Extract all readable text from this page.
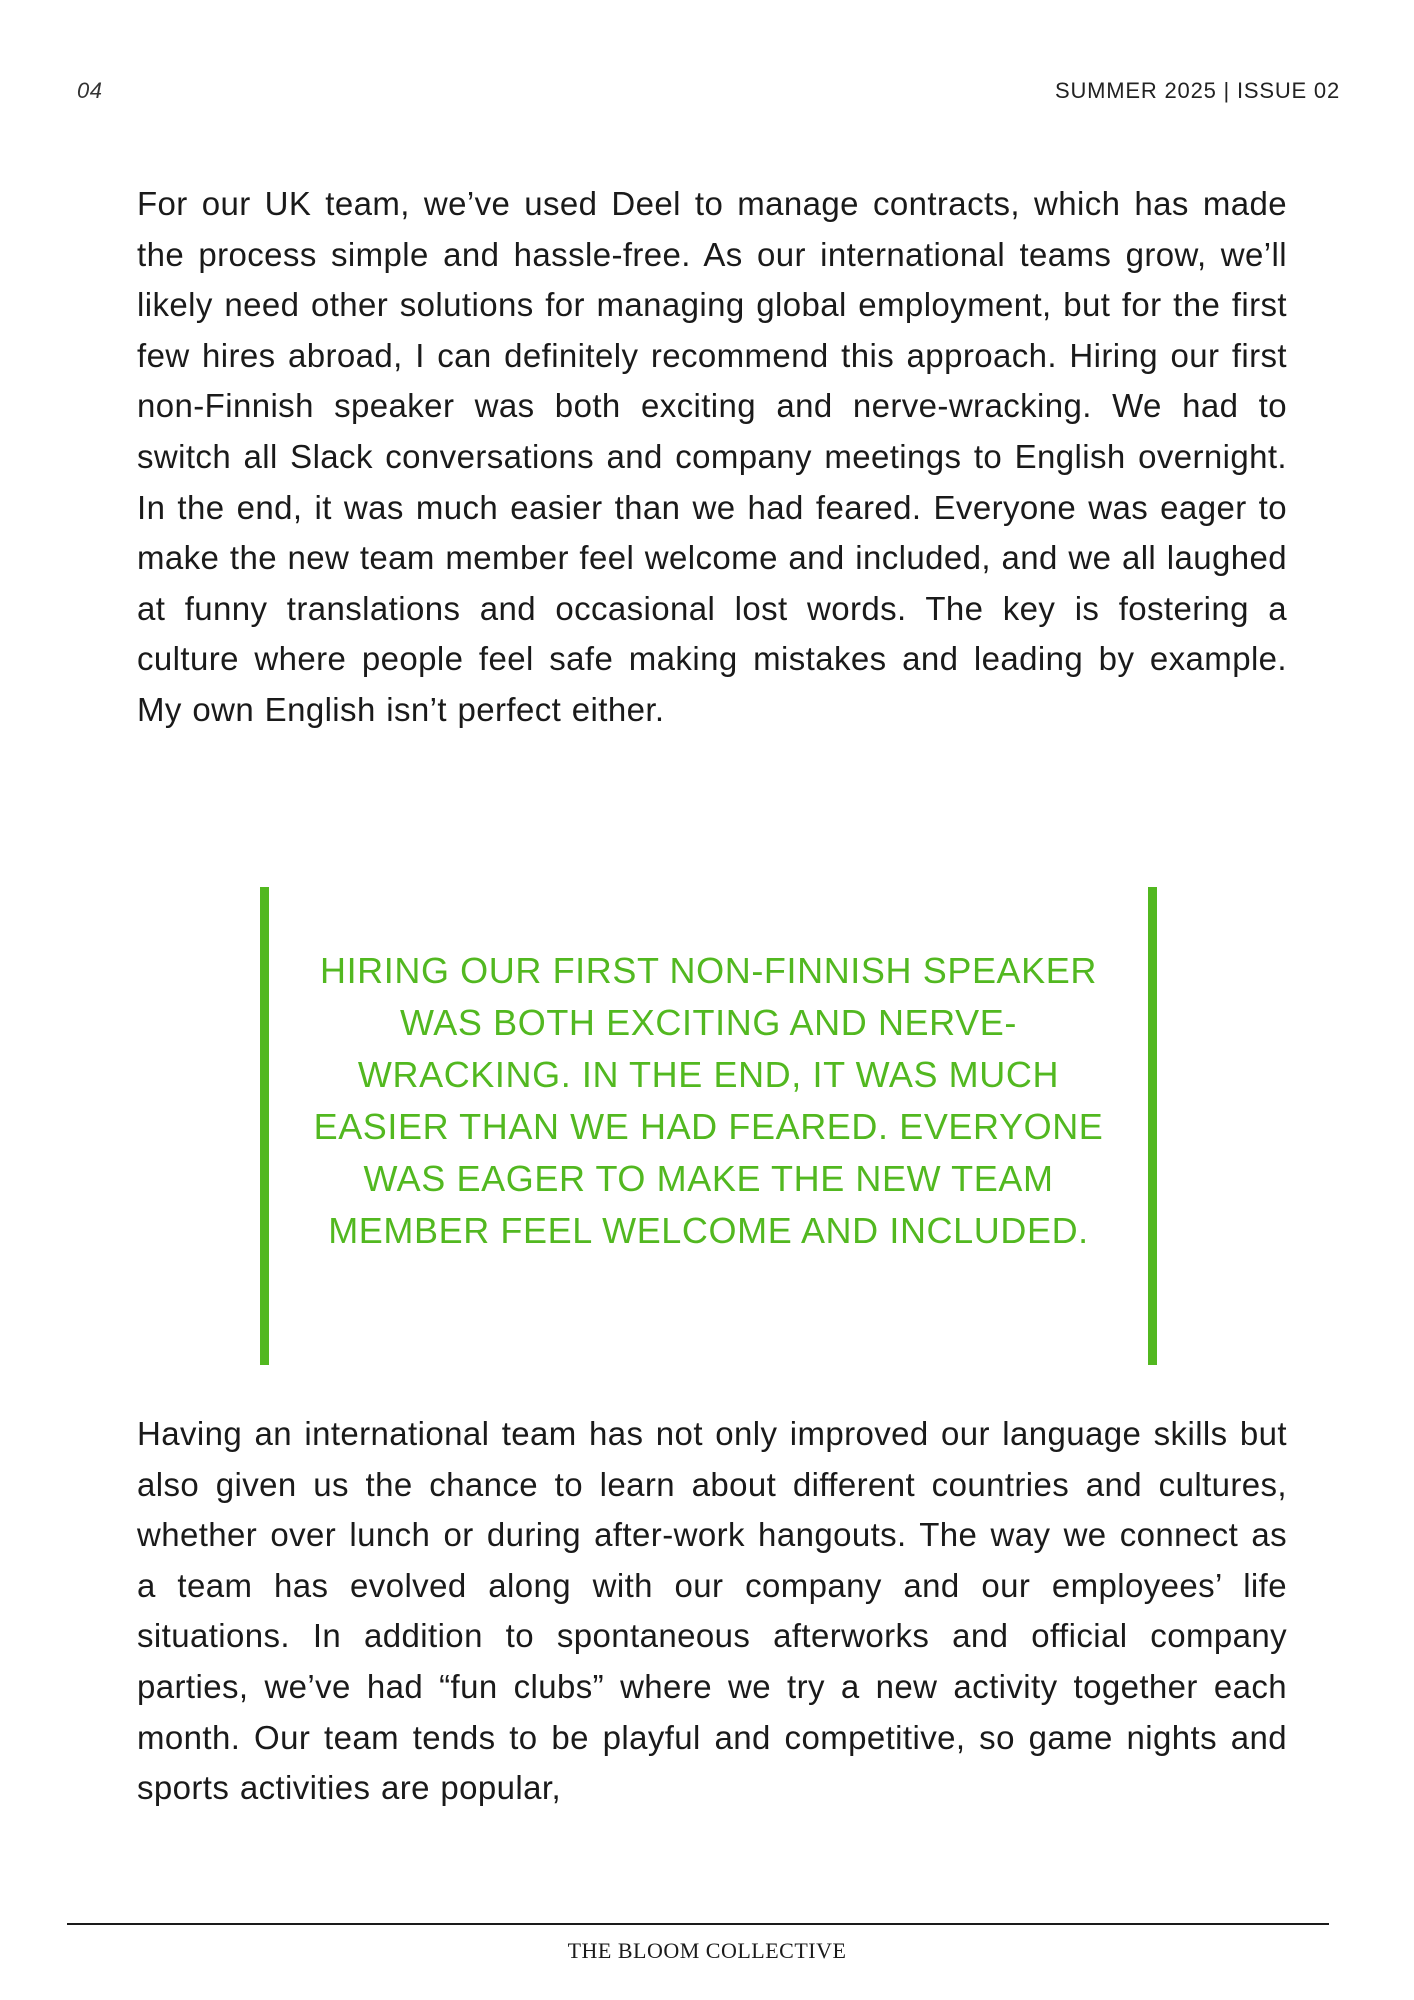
04	SUMMER 2025 | ISSUE 02

For our UK team, we’ve used Deel to manage contracts, which has made the process simple and hassle-free. As our international teams grow, we’ll likely need other solutions for managing global employment, but for the first few hires abroad, I can definitely recommend this approach. Hiring our first non-Finnish speaker was both exciting and nerve-wracking. We had to switch all Slack conversations and company meetings to English overnight. In the end, it was much easier than we had feared. Everyone was eager to make the new team member feel welcome and included, and we all laughed at funny translations and occasional lost words. The key is fostering a culture where people feel safe making mistakes and leading by example. My own English isn’t perfect either.

HIRING OUR FIRST NON-FINNISH SPEAKER WAS BOTH EXCITING AND NERVE-WRACKING. IN THE END, IT WAS MUCH EASIER THAN WE HAD FEARED. EVERYONE WAS EAGER TO MAKE THE NEW TEAM MEMBER FEEL WELCOME AND INCLUDED.

Having an international team has not only improved our language skills but also given us the chance to learn about different countries and cultures, whether over lunch or during after-work hangouts. The way we connect as a team has evolved along with our company and our employees’ life situations. In addition to spontaneous afterworks and official company parties, we’ve had “fun clubs” where we try a new activity together each month. Our team tends to be playful and competitive, so game nights and sports activities are popular,

THE BLOOM COLLECTIVE
